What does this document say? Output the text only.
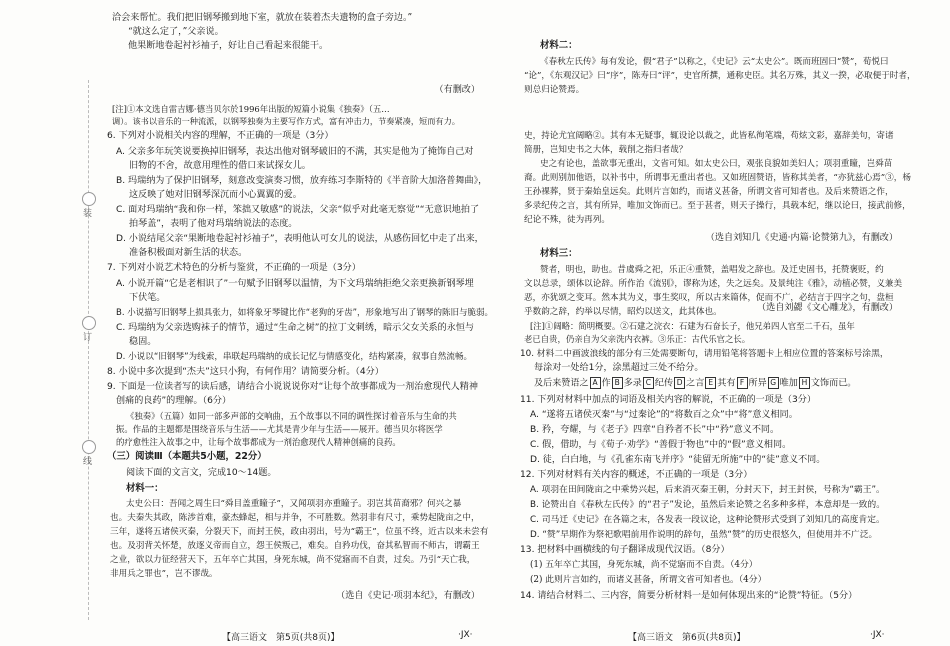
装
订
线
洽会来帮忙。我们把旧钢琴搬到地下室，就放在装着杰夫遗物的盒子旁边。”
“就这么定了，”父亲说。
他果断地卷起衬衫袖子，好让自己看起来很能干。
（有删改）
[注]①本文选自雷吉娜·德当贝尔於1996年出版的短篇小说集《独奏》（五…
调）。该书以音乐的一种流派，以钢琴独奏为主要写作方式，富有冲击力，节奏紧凑，短而有力。
6. 下列对小说相关内容的理解，不正确的一项是（3分）
A. 父亲多年玩笑说要换掉旧钢琴，表达出他对钢琴破旧的不满，其实是他为了掩饰自己对
旧物的不舍，故意用理性的借口来试探女儿。
B. 玛瑞纳为了保护旧钢琴，刻意改变演奏习惯，放弃练习李斯特的《半音阶大加洛普舞曲》，
这反映了她对旧钢琴深沉而小心翼翼的爱。
C. 面对玛瑞纳“我和你一样，笨拙又敏感”的说法，父亲“似乎对此毫无察觉”“无意识地拍了
拍琴盖”，表明了他对玛瑞纳说法的态度。
D. 小说结尾父亲“果断地卷起衬衫袖子”，表明他认可女儿的说法，从感伤回忆中走了出来，
准备积极面对新生活的状态。
7. 下列对小说艺术特色的分析与鉴赏，不正确的一项是（3分）
A. 小说开篇“它是老相识了”一句赋予旧钢琴以温情，为下文玛瑞纳拒绝父亲更换新钢琴埋
下伏笔。
B. 小说描写旧钢琴上损具张力，如将象牙琴键比作“老狗的牙齿”，形象地写出了钢琴的陈旧与脆弱。
C. 玛瑞纳为父亲选购袜子的情节，通过“生命之树”的拉丁文刺绣，暗示父女关系的永恒与
稳固。
D. 小说以“旧钢琴”为线索，串联起玛瑞纳的成长记忆与情感变化，结构紧凑，叙事自然流畅。
8. 小说中多次提到“杰夫”这只小狗，有何作用？请简要分析。（4分）
9. 下面是一位读者写的读后感，请结合小说说说你对“让每个故事都成为一剂治愈现代人精神
创痛的良药”的理解。（6分）
《独奏》（五篇）如同一部多声部的交响曲，五个故事以不同的调性探讨着音乐与生命的共
振。作品的主题都是围绕音乐与生活——尤其是青少年与生活——展开。德当贝尔将医学
的疗愈性注入故事之中，让每个故事都成为一剂治愈现代人精神创痛的良药。
（三）阅读Ⅲ（本题共5小题，22分）
阅读下面的文言文，完成10～14题。
材料一：
太史公曰：吾闻之周生曰“舜目盖重瞳子”，又闻项羽亦重瞳子。羽岂其苗裔邪？何兴之暴
也。夫秦失其政，陈涉首难，豪杰蜂起，相与并争，不可胜数。然羽非有尺寸，乘势起陇亩之中，
三年，遂将五诸侯灭秦，分裂天下，而封王侯，政由羽出，号为“霸王”，位虽不终，近古以来未尝有
也。及羽背关怀楚，放逐义帝而自立，怨王侯叛己，难矣。自矜功伐，奋其私智而不师古，谓霸王
之业，欲以力征经营天下，五年卒亡其国，身死东城，尚不觉寤而不自责，过矣。乃引“天亡我，
非用兵之罪也”，岂不谬哉。
（选自《史记·项羽本纪》，有删改）
【高三语文　第5页(共8页)】	·JX·
材料二：
《春秋左氏传》每有发论，假“君子”以称之，《史记》云“太史公”。既而班固曰“赞”，荀悦曰
“论”，《东观汉记》曰“序”，陈寿曰“评”，史官所撰，通称史臣。其名万殊，其义一揆，必取便于时者，
则总归论赞焉。
史，持论尤宜阔略②。其有本无疑事，辄设论以裁之，此皆私徇笔端，苟炫文彩，嘉辞美句，寄诸
简册，岂知史书之大体，载削之指归者哉？
史之有论也，盖欲事无重出，文省可知。如太史公曰，观张良貌如美妇人；项羽重瞳，岂舜苗
裔。此则别加他语，以补书中，所谓事无重出者也。又如班固赞语，皆称其美者，“亦犹兹心焉”③，杨
王孙裸葬，贤于秦始皇远矣。此则片言如约，而诸义甚备，所谓文省可知者也。及后来赞语之作，
多录纪传之言，其有所异，唯加文饰而已。至于甚者，则天子操行，具载本纪，继以论曰，接武前修，
纪论不殊，徒为再列。
（选自刘知几《史通·内篇·论赞第九》，有删改）
材料三：
赞者，明也，助也。昔虞舜之祀，乐正④重赞，盖唱发之辞也。及迁史固书，托赞褒贬，约
文以总录，颂体以论辞。所作治《流别》，谬称为述，失之远矣。及景纯注《雅》，动植必赞，义兼美
恶，亦犹颂之变耳。然本其为义，事生奖叹，所以古来篇体，促而不广，必结言于四字之句，盘桓
乎数韵之辞，约举以尽情，昭灼以送文，此其体也。	（选自刘勰《文心雕龙》，有删改）
[注]①阔略：简明概要。②石建之浣衣：石建为石奋长子，他兄弟四人官至二千石，虽年
老已自贵，仍亲自为父亲洗内衣裤。③乐正：古代乐官之长。
10. 材料二中画波浪线的部分有三处需要断句，请用铅笔将答题卡上相应位置的答案标号涂黑，
每涂对一处给1分，涂黑超过三处不给分。
及后来赞语之 A 作 B 多录 C 纪传 D 之言 E 其有 F 所异 G 唯加 H 文饰而已。
11. 下列对材料中加点的词语及相关内容的解说，不正确的一项是（3分）
A. “遂将五诸侯灭秦”与“过秦论”的“将数百之众”中“将”意义相同。
B. 矜，夸耀，与《老子》四章“自矜者不长”中“矜”意义不同。
C. 假，借助，与《荀子·劝学》“善假于物也”中的“假”意义相同。
D. 徒，白白地，与《孔雀东南飞并序》“徒留无所施”中的“徒”意义不同。
12. 下列对材料有关内容的概述，不正确的一项是（3分）
A. 项羽在田间陇亩之中乘势兴起，后来消灭秦王朝，分封天下，封王封侯，号称为“霸王”。
B. 论赞出自《春秋左氏传》的“君子”发论，虽然后来论赞之名多种多样，本意却是一致的。
C. 司马迁《史记》在各篇之末，各发表一段议论，这种论赞形式受到了刘知几的高度肯定。
D. “赞”早期作为祭祀歌唱前用作说明的辞句，虽然“赞”的历史很悠久，但使用并不广泛。
13. 把材料中画横线的句子翻译成现代汉语。（8分）
(1) 五年卒亡其国，身死东城，尚不觉寤而不自责。（4分）
(2) 此则片言如约，而诸义甚备，所谓文省可知者也。（4分）
14. 请结合材料二、三内容，简要分析材料一是如何体现出来的“论赞”特征。（5分）
【高三语文　第6页(共8页)】	·JX·
